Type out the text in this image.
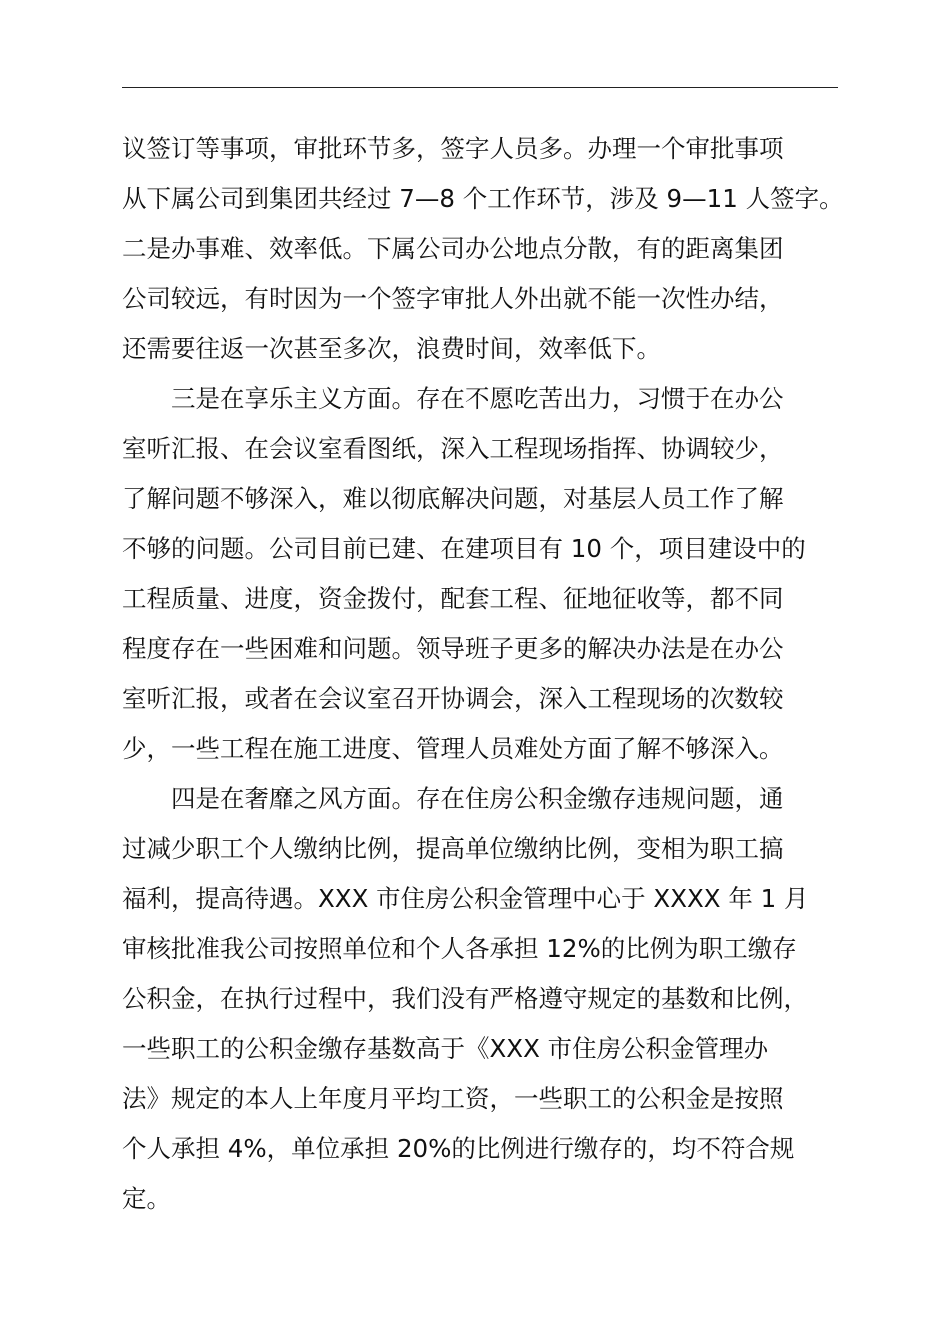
议签订等事项，审批环节多，签字人员多。办理一个审批事项
从下属公司到集团共经过 7—8 个工作环节，涉及 9—11 人签字。
二是办事难、效率低。下属公司办公地点分散，有的距离集团
公司较远，有时因为一个签字审批人外出就不能一次性办结，
还需要往返一次甚至多次，浪费时间，效率低下。
三是在享乐主义方面。存在不愿吃苦出力，习惯于在办公
室听汇报、在会议室看图纸，深入工程现场指挥、协调较少，
了解问题不够深入，难以彻底解决问题，对基层人员工作了解
不够的问题。公司目前已建、在建项目有 10 个，项目建设中的
工程质量、进度，资金拨付，配套工程、征地征收等，都不同
程度存在一些困难和问题。领导班子更多的解决办法是在办公
室听汇报，或者在会议室召开协调会，深入工程现场的次数较
少，一些工程在施工进度、管理人员难处方面了解不够深入。
四是在奢靡之风方面。存在住房公积金缴存违规问题，通
过减少职工个人缴纳比例，提高单位缴纳比例，变相为职工搞
福利，提高待遇。XXX 市住房公积金管理中心于 XXXX 年 1 月
审核批准我公司按照单位和个人各承担 12%的比例为职工缴存
公积金，在执行过程中，我们没有严格遵守规定的基数和比例，
一些职工的公积金缴存基数高于《XXX 市住房公积金管理办
法》规定的本人上年度月平均工资，一些职工的公积金是按照
个人承担 4%，单位承担 20%的比例进行缴存的，均不符合规
定。
